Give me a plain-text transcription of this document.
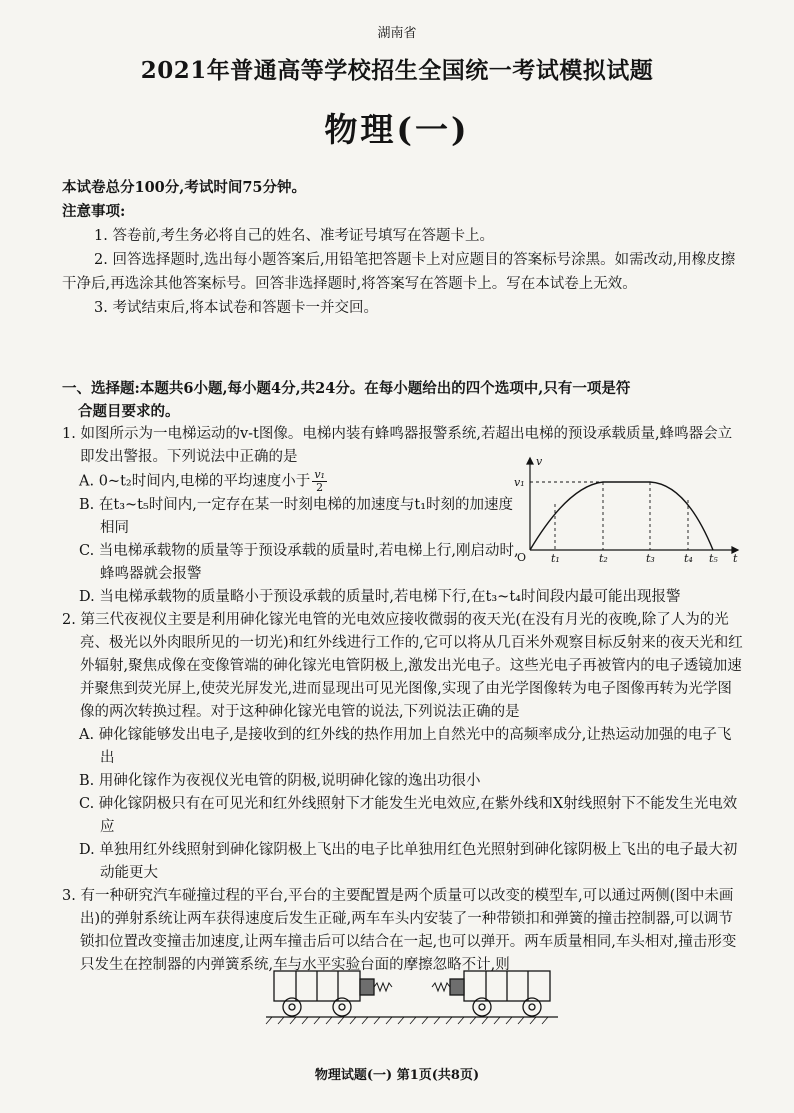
湖南省
2021年普通高等学校招生全国统一考试模拟试题
物理(一)

本试卷总分100分,考试时间75分钟。

注意事项:

1. 答卷前,考生务必将自己的姓名、准考证号填写在答题卡上。

2. 回答选择题时,选出每小题答案后,用铅笔把答题卡上对应题目的答案标号涂黑。如需改动,用橡皮擦干净后,再选涂其他答案标号。回答非选择题时,将答案写在答题卡上。写在本试卷上无效。

3. 考试结束后,将本试卷和答题卡一并交回。

一、选择题:本题共6小题,每小题4分,共24分。在每小题给出的四个选项中,只有一项是符

合题目要求的。

1. 如图所示为一电梯运动的v-t图像。电梯内装有蜂鸣器报警系统,若超出电梯的预设承载质量,蜂鸣器会立即发出警报。下列说法中正确的是

A. 0~t₂时间内,电梯的平均速度小于 $\frac{\text{v₁}}{2}$

B. 在t₃~t₅时间内,一定存在某一时刻电梯的加速度与t₁时刻的加速度相同

C. 当电梯承载物的质量等于预设承载的质量时,若电梯上行,刚启动时,蜂鸣器就会报警

D. 当电梯承载物的质量略小于预设承载的质量时,若电梯下行,在t₃~t₄时间段内最可能出现报警

2. 第三代夜视仪主要是利用砷化镓光电管的光电效应接收微弱的夜天光(在没有月光的夜晚,除了人为的光亮、极光以外肉眼所见的一切光)和红外线进行工作的,它可以将从几百米外观察目标反射来的夜天光和红外辐射,聚焦成像在变像管端的砷化镓光电管阴极上,激发出光电子。这些光电子再被管内的电子透镜加速并聚焦到荧光屏上,使荧光屏发光,进而显现出可见光图像,实现了由光学图像转为电子图像再转为光学图像的两次转换过程。对于这种砷化镓光电管的说法,下列说法正确的是

A. 砷化镓能够发出电子,是接收到的红外线的热作用加上自然光中的高频率成分,让热运动加强的电子飞出

B. 用砷化镓作为夜视仪光电管的阴极,说明砷化镓的逸出功很小

C. 砷化镓阴极只有在可见光和红外线照射下才能发生光电效应,在紫外线和X射线照射下不能发生光电效应

D. 单独用红外线照射到砷化镓阴极上飞出的电子比单独用红色光照射到砷化镓阴极上飞出的电子最大初动能更大

3. 有一种研究汽车碰撞过程的平台,平台的主要配置是两个质量可以改变的模型车,可以通过两侧(图中未画出)的弹射系统让两车获得速度后发生正碰,两车车头内安装了一种带锁扣和弹簧的撞击控制器,可以调节锁扣位置改变撞击加速度,让两车撞击后可以结合在一起,也可以弹开。两车质量相同,车头相对,撞击形变只发生在控制器的内弹簧系统,车与水平实验台面的摩擦忽略不计,则

v
t
O
v₁
t₁	t₂	t₃	t₄ t₅
物理试题(一) 第1页(共8页)
